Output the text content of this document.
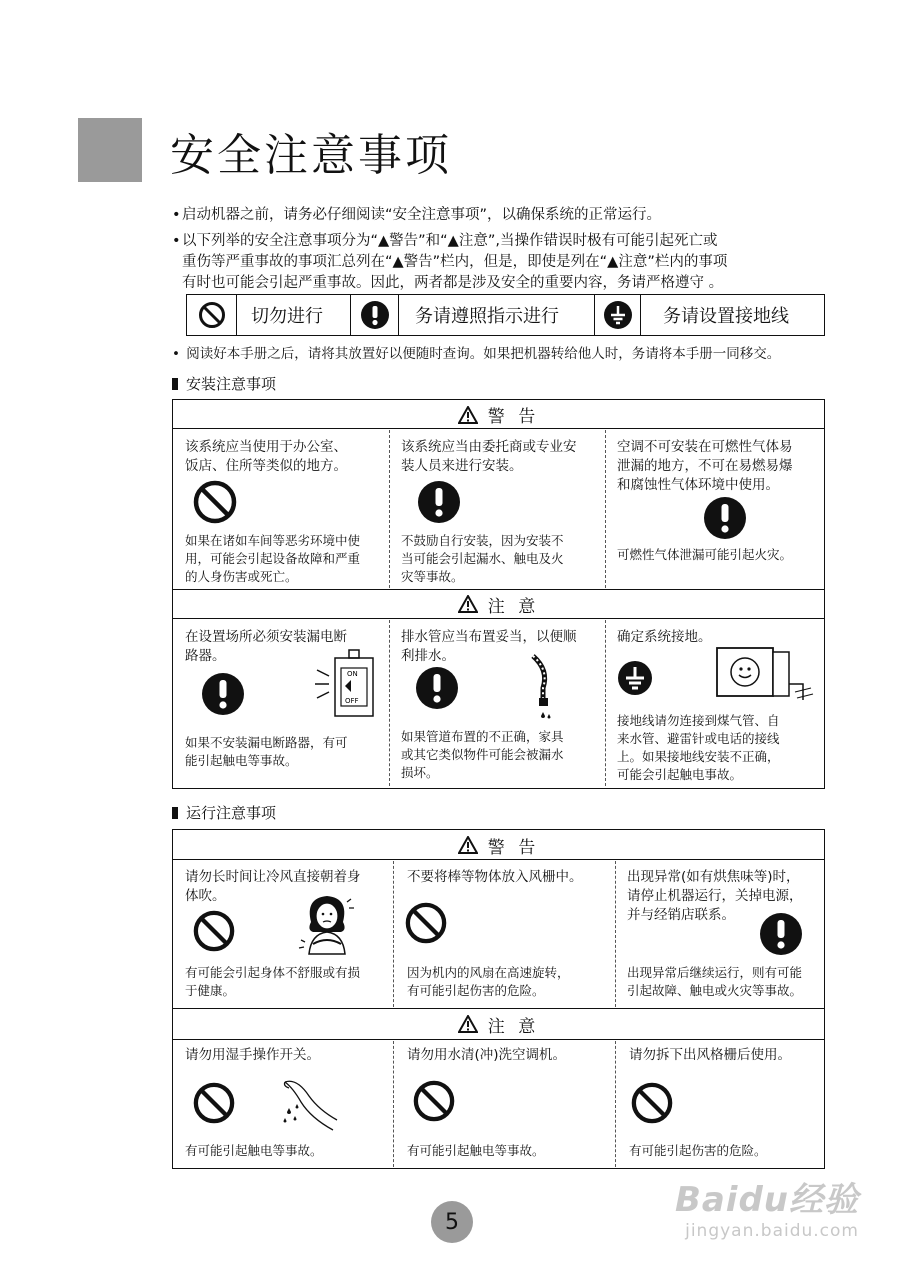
安全注意事项
•启动机器之前，请务必仔细阅读“安全注意事项”，以确保系统的正常运行。
•以下列举的安全注意事项分为“▲警告”和“▲注意”,当操作错误时极有可能引起死亡或
重伤等严重事故的事项汇总列在“▲警告”栏内，但是，即使是列在“▲注意”栏内的事项
有时也可能会引起严重事故。因此，两者都是涉及安全的重要内容，务请严格遵守 。
切勿进行	务请遵照指示进行	务请设置接地线
• 阅读好本手册之后，请将其放置好以便随时查询。如果把机器转给他人时，务请将本手册一同移交。
安装注意事项
警 告
该系统应当使用于办公室、
饭店、住所等类似的地方。
如果在诸如车间等恶劣环境中使
用，可能会引起设备故障和严重
的人身伤害或死亡。
该系统应当由委托商或专业安
装人员来进行安装。
不鼓励自行安装，因为安装不
当可能会引起漏水、触电及火
灾等事故。
空调不可安装在可燃性气体易
泄漏的地方，不可在易燃易爆
和腐蚀性气体环境中使用。
可燃性气体泄漏可能引起火灾。
注 意
在设置场所必须安装漏电断
路器。
ON
OFF
如果不安装漏电断路器，有可
能引起触电等事故。
排水管应当布置妥当，以便顺
利排水。
如果管道布置的不正确，家具
或其它类似物件可能会被漏水
损坏。
确定系统接地。
接地线请勿连接到煤气管、自
来水管、避雷针或电话的接线
上。如果接地线安装不正确，
可能会引起触电事故。
运行注意事项
警 告
请勿长时间让冷风直接朝着身
体吹。
有可能会引起身体不舒服或有损
于健康。
不要将棒等物体放入风栅中。
因为机内的风扇在高速旋转，
有可能引起伤害的危险。
出现异常(如有烘焦味等)时，
请停止机器运行，关掉电源，
并与经销店联系。
出现异常后继续运行，则有可能
引起故障、触电或火灾等事故。
注 意
请勿用湿手操作开关。
有可能引起触电等事故。
请勿用水清(冲)洗空调机。
有可能引起触电等事故。
请勿拆下出风格栅后使用。
有可能引起伤害的危险。
5
Baidu经验
jingyan.baidu.com
